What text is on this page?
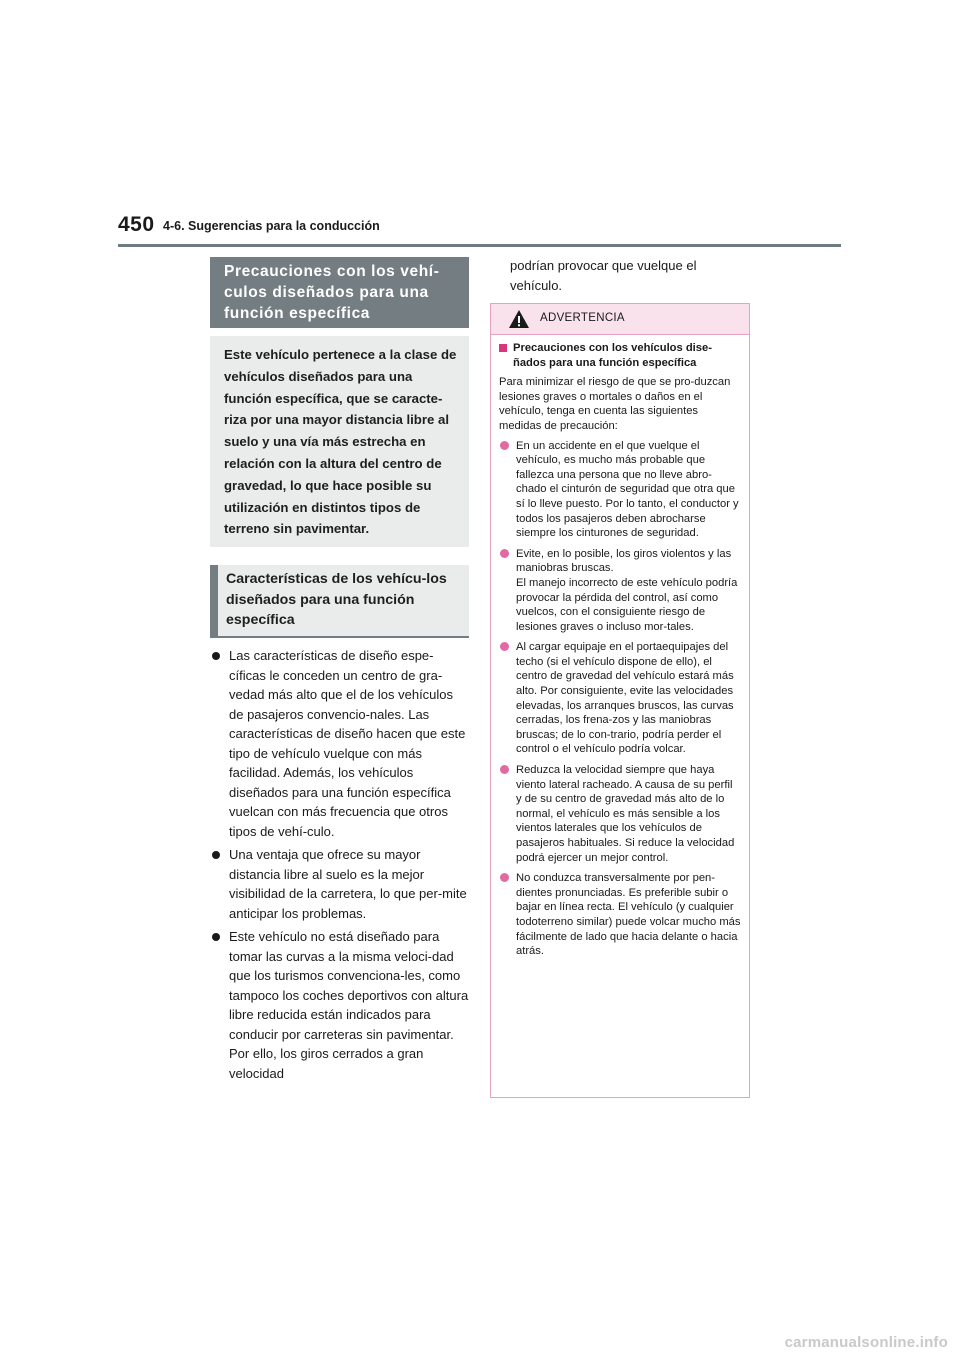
450 4-6. Sugerencias para la conducción
Precauciones con los vehí-
culos diseñados para una
función específica
Este vehículo pertenece a la clase de vehículos diseñados para una función específica, que se caracte-riza por una mayor distancia libre al suelo y una vía más estrecha en relación con la altura del centro de gravedad, lo que hace posible su utilización en distintos tipos de terreno sin pavimentar.
Características de los vehícu-los diseñados para una función específica
Las características de diseño espe-cíficas le conceden un centro de gra-vedad más alto que el de los vehículos de pasajeros convencio-nales. Las características de diseño hacen que este tipo de vehículo vuelque con más facilidad. Además, los vehículos diseñados para una función específica vuelcan con más frecuencia que otros tipos de vehí-culo.
Una ventaja que ofrece su mayor distancia libre al suelo es la mejor visibilidad de la carretera, lo que per-mite anticipar los problemas.
Este vehículo no está diseñado para tomar las curvas a la misma veloci-dad que los turismos convenciona-les, como tampoco los coches deportivos con altura libre reducida están indicados para conducir por carreteras sin pavimentar. Por ello, los giros cerrados a gran velocidad
podrían provocar que vuelque el vehículo.
ADVERTENCIA
Precauciones con los vehículos dise-ñados para una función específica
Para minimizar el riesgo de que se pro-duzcan lesiones graves o mortales o daños en el vehículo, tenga en cuenta las siguientes medidas de precaución:
En un accidente en el que vuelque el vehículo, es mucho más probable que fallezca una persona que no lleve abro-chado el cinturón de seguridad que otra que sí lo lleve puesto. Por lo tanto, el conductor y todos los pasajeros deben abrocharse siempre los cinturones de seguridad.
Evite, en lo posible, los giros violentos y las maniobras bruscas.
El manejo incorrecto de este vehículo podría provocar la pérdida del control, así como vuelcos, con el consiguiente riesgo de lesiones graves o incluso mor-tales.
Al cargar equipaje en el portaequipajes del techo (si el vehículo dispone de ello), el centro de gravedad del vehículo estará más alto. Por consiguiente, evite las velocidades elevadas, los arranques bruscos, las curvas cerradas, los frena-zos y las maniobras bruscas; de lo con-trario, podría perder el control o el vehículo podría volcar.
Reduzca la velocidad siempre que haya viento lateral racheado. A causa de su perfil y de su centro de gravedad más alto de lo normal, el vehículo es más sensible a los vientos laterales que los vehículos de pasajeros habituales. Si reduce la velocidad podrá ejercer un mejor control.
No conduzca transversalmente por pen-dientes pronunciadas. Es preferible subir o bajar en línea recta. El vehículo (y cualquier todoterreno similar) puede volcar mucho más fácilmente de lado que hacia delante o hacia atrás.
carmanualsonline.info
